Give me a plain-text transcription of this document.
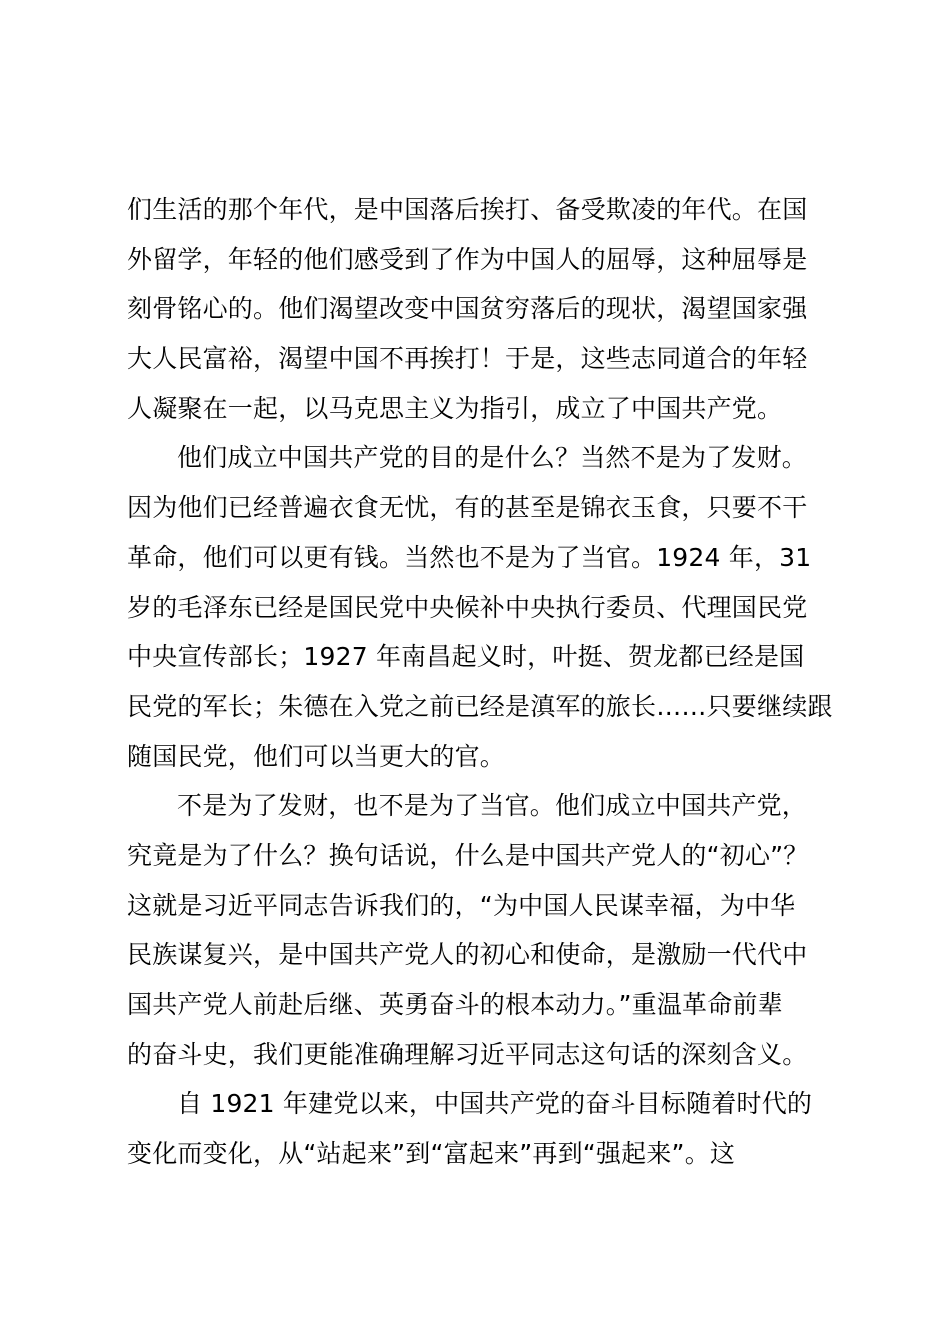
们生活的那个年代，是中国落后挨打、备受欺凌的年代。在国
外留学，年轻的他们感受到了作为中国人的屈辱，这种屈辱是
刻骨铭心的。他们渴望改变中国贫穷落后的现状，渴望国家强
大人民富裕，渴望中国不再挨打！于是，这些志同道合的年轻
人凝聚在一起，以马克思主义为指引，成立了中国共产党。
他们成立中国共产党的目的是什么？当然不是为了发财。
因为他们已经普遍衣食无忧，有的甚至是锦衣玉食，只要不干
革命，他们可以更有钱。当然也不是为了当官。1924 年，31
岁的毛泽东已经是国民党中央候补中央执行委员、代理国民党
中央宣传部长；1927 年南昌起义时，叶挺、贺龙都已经是国
民党的军长；朱德在入党之前已经是滇军的旅长……只要继续跟
随国民党，他们可以当更大的官。
不是为了发财，也不是为了当官。他们成立中国共产党，
究竟是为了什么？换句话说，什么是中国共产党人的“初心”？
这就是习近平同志告诉我们的，“为中国人民谋幸福，为中华
民族谋复兴，是中国共产党人的初心和使命，是激励一代代中
国共产党人前赴后继、英勇奋斗的根本动力。”重温革命前辈
的奋斗史，我们更能准确理解习近平同志这句话的深刻含义。
自 1921 年建党以来，中国共产党的奋斗目标随着时代的
变化而变化，从“站起来”到“富起来”再到“强起来”。这
